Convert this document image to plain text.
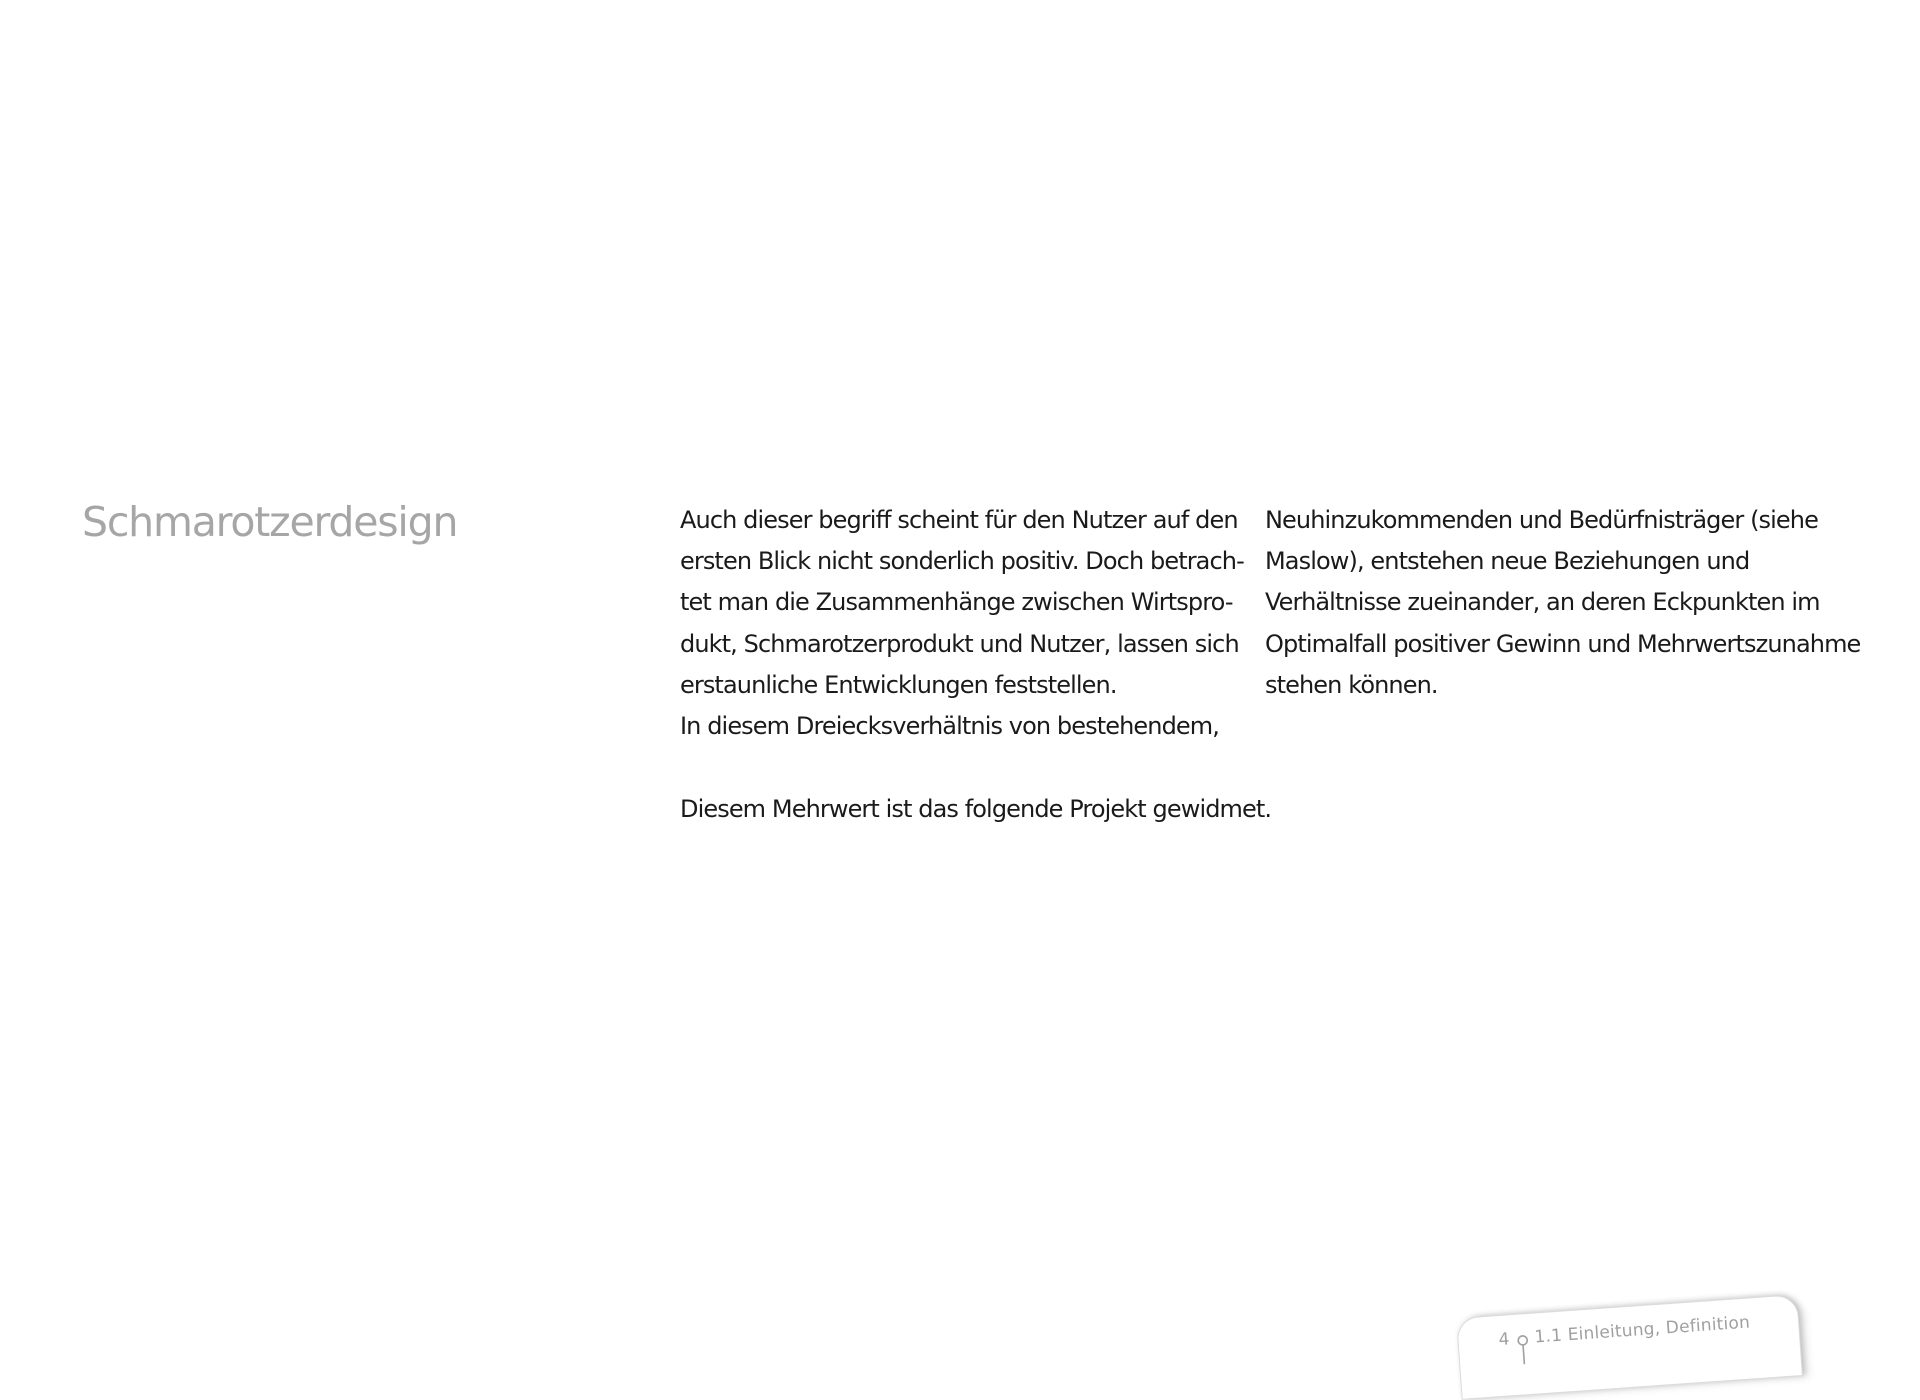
Schmarotzerdesign	Auch dieser begriff scheint für den Nutzer auf den
ersten Blick nicht sonderlich positiv. Doch betrach-
tet man die Zusammenhänge zwischen Wirtspro-
dukt, Schmarotzerprodukt und Nutzer, lassen sich
erstaunliche Entwicklungen feststellen.
In diesem Dreiecksverhältnis von bestehendem,
Neuhinzukommenden und Bedürfnisträger (siehe
Maslow), entstehen neue Beziehungen und
Verhältnisse zueinander, an deren Eckpunkten im
Optimalfall positiver Gewinn und Mehrwertszunahme
stehen können.
Diesem Mehrwert ist das folgende Projekt gewidmet.
4 1.1 Einleitung, Definition
